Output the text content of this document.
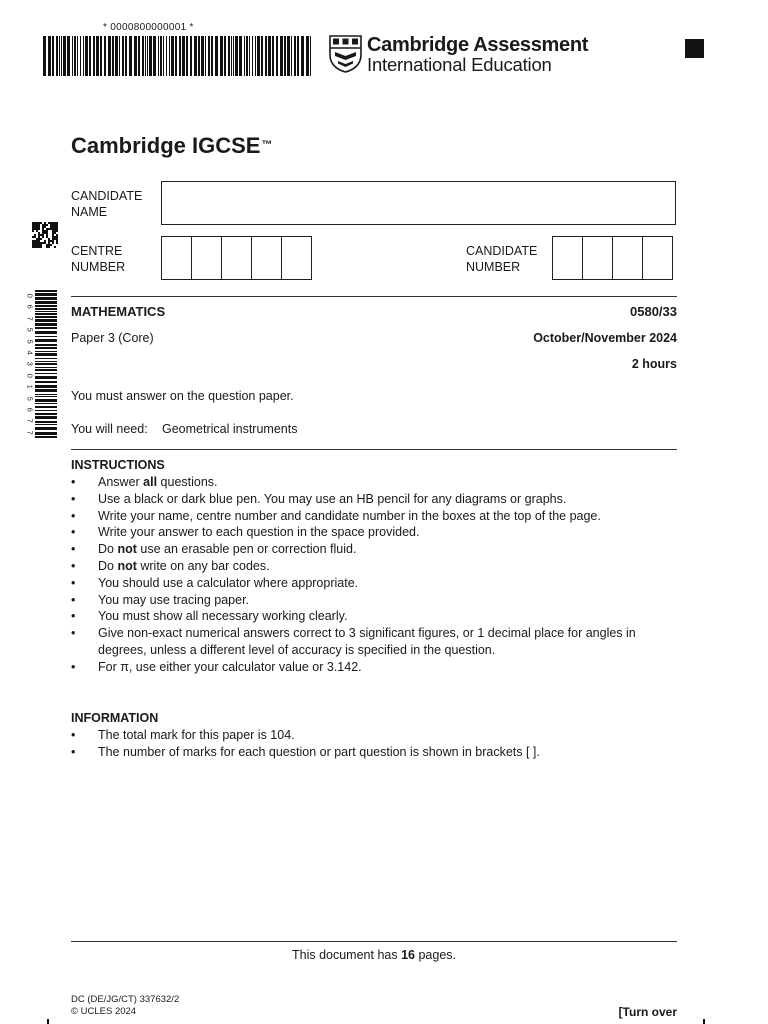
* 0000800000001 *
Cambridge Assessment
International Education
Cambridge IGCSE™
CANDIDATE
NAME
CENTRE
NUMBER
CANDIDATE
NUMBER
0
6
7
5
5
4
3
0
1
5
6
7
7
MATHEMATICS	0580/33
Paper 3 (Core)	October/November 2024
2 hours
You must answer on the question paper.
You will need: Geometrical instruments
INSTRUCTIONS
• Answer all questions.
• Use a black or dark blue pen. You may use an HB pencil for any diagrams or graphs.
• Write your name, centre number and candidate number in the boxes at the top of the page.
• Write your answer to each question in the space provided.
• Do not use an erasable pen or correction fluid.
• Do not write on any bar codes.
• You should use a calculator where appropriate.
• You may use tracing paper.
• You must show all necessary working clearly.
• Give non-exact numerical answers correct to 3 significant figures, or 1 decimal place for angles in degrees, unless a different level of accuracy is specified in the question.
• For π, use either your calculator value or 3.142.
INFORMATION
• The total mark for this paper is 104.
• The number of marks for each question or part question is shown in brackets [ ].
This document has 16 pages.
DC (DE/JG/CT) 337632/2
© UCLES 2024	[Turn over
